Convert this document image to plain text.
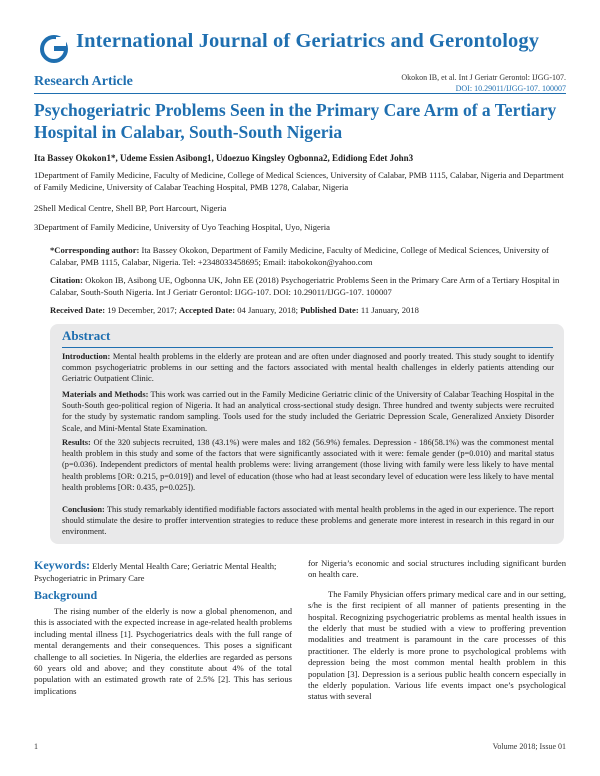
International Journal of Geriatrics and Gerontology
Research Article	Okokon IB, et al. Int J Geriatr Gerontol: IJGG-107.
DOI: 10.29011/IJGG-107. 100007
Psychogeriatric Problems Seen in the Primary Care Arm of a Tertiary Hospital in Calabar, South-South Nigeria
Ita Bassey Okokon1*, Udeme Essien Asibong1, Udoezuo Kingsley Ogbonna2, Edidiong Edet John3
1Department of Family Medicine, Faculty of Medicine, College of Medical Sciences, University of Calabar, PMB 1115, Calabar, Nigeria and Department of Family Medicine, University of Calabar Teaching Hospital, PMB 1278, Calabar, Nigeria
2Shell Medical Centre, Shell BP, Port Harcourt, Nigeria
3Department of Family Medicine, University of Uyo Teaching Hospital, Uyo, Nigeria
*Corresponding author: Ita Bassey Okokon, Department of Family Medicine, Faculty of Medicine, College of Medical Sciences, University of Calabar, PMB 1115, Calabar, Nigeria. Tel: +2348033458695; Email: itabokokon@yahoo.com
Citation: Okokon IB, Asibong UE, Ogbonna UK, John EE (2018) Psychogeriatric Problems Seen in the Primary Care Arm of a Tertiary Hospital in Calabar, South-South Nigeria. Int J Geriatr Gerontol: IJGG-107. DOI: 10.29011/IJGG-107. 100007
Received Date: 19 December, 2017; Accepted Date: 04 January, 2018; Published Date: 11 January, 2018
Abstract
Introduction: Mental health problems in the elderly are protean and are often under diagnosed and poorly treated. This study sought to identify common psychogeriatric problems in our setting and the factors associated with mental health challenges in elderly patients attending our Geriatric Outpatient Clinic.
Materials and Methods: This work was carried out in the Family Medicine Geriatric clinic of the University of Calabar Teaching Hospital in the South-South geo-political region of Nigeria. It had an analytical cross-sectional study design. Three hundred and twenty subjects were recruited for the study by systematic random sampling. Tools used for the study included the Geriatric Depression Scale, Generalized Anxiety Disorder Scale, and Mini-Mental State Examination.
Results: Of the 320 subjects recruited, 138 (43.1%) were males and 182 (56.9%) females. Depression - 186(58.1%) was the commonest mental health problem in this study and some of the factors that were significantly associated with it were: female gender (p=0.010) and marital status (p=0.036). Independent predictors of mental health problems were: living arrangement (those living with family were less likely to have mental health problems [OR: 0.215, p=0.019]) and level of education (those who had at least secondary level of education were less likely to have mental health problems [OR: 0.435, p=0.025]).
Conclusion: This study remarkably identified modifiable factors associated with mental health problems in the aged in our experience. The report should stimulate the desire to proffer intervention strategies to reduce these problems and generate more interest in research in this regard in our environment.
Keywords: Elderly Mental Health Care; Geriatric Mental Health; Psychogeriatric in Primary Care
Background

The rising number of the elderly is now a global phenomenon, and this is associated with the expected increase in age-related health problems including mental illness [1]. Psychogeriatrics deals with the full range of mental derangements and their consequences. This poses a significant challenge to all societies. In Nigeria, the elderlies are regarded as persons 60 years old and above; and they constitute about 4% of the total population with an estimated growth rate of 2.5% [2]. This has serious implications

for Nigeria’s economic and social structures including significant burden on health care.

The Family Physician offers primary medical care and in our setting, s/he is the first recipient of all manner of patients presenting in the hospital. Recognizing psychogeriatric problems as mental health issues in the elderly that must be studied with a view to proffering prevention modalities and treatment is paramount in the care processes of this practitioner. The elderly is more prone to psychological problems with depression being the most common mental health problem in this population [3]. Depression is a serious public health concern especially in the elderly population. Various life events impact one’s psychological status with several

1	Volume 2018; Issue 01
